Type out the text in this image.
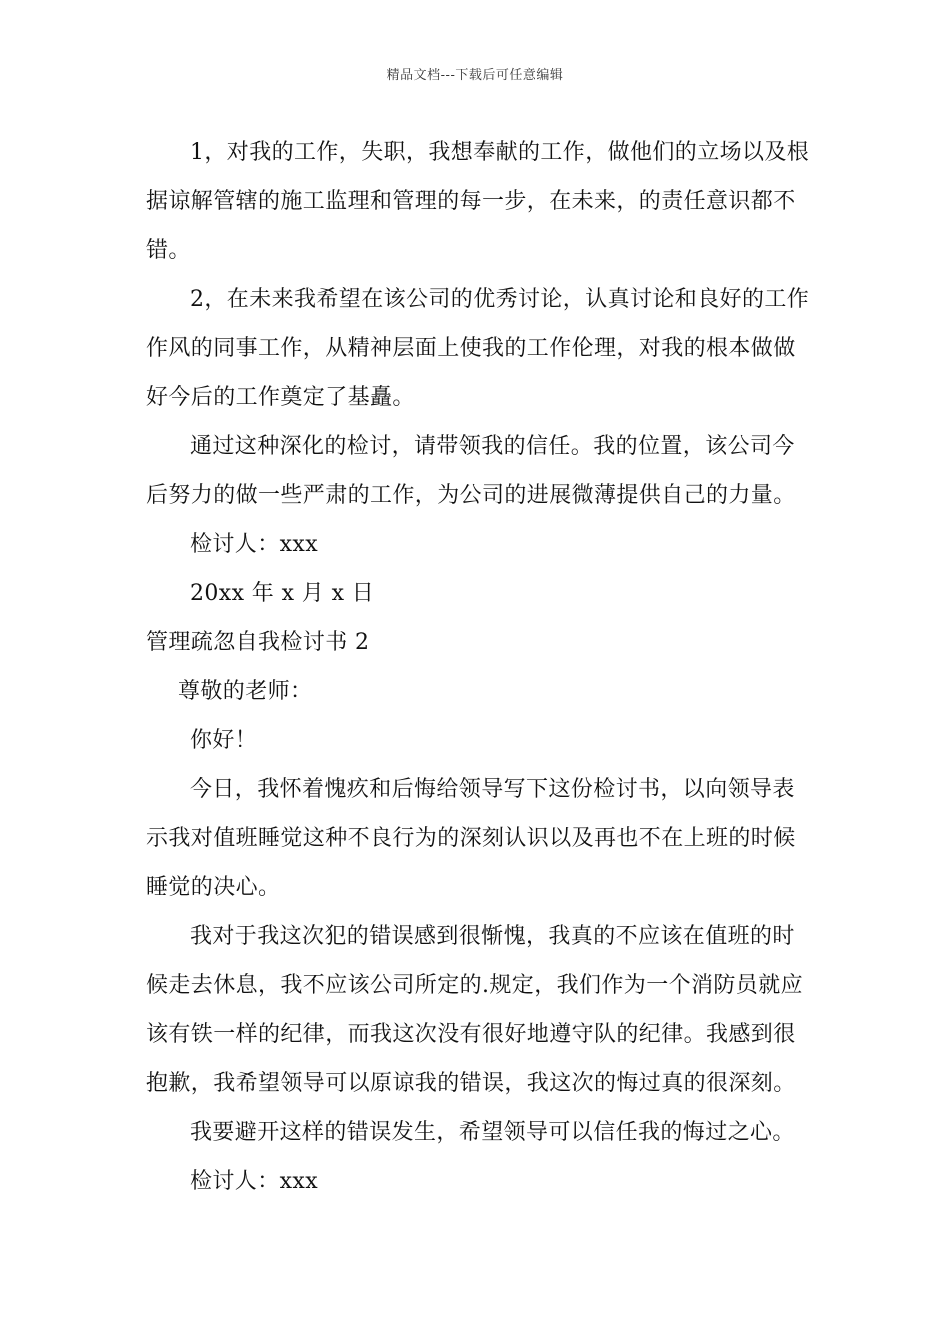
精品文档---下载后可任意编辑

1，对我的工作，失职，我想奉献的工作，做他们的立场以及根据谅解管辖的施工监理和管理的每一步，在未来，的责任意识都不错。

2，在未来我希望在该公司的优秀讨论，认真讨论和良好的工作作风的同事工作，从精神层面上使我的工作伦理，对我的根本做做好今后的工作奠定了基矗。

通过这种深化的检讨，请带领我的信任。我的位置，该公司今后努力的做一些严肃的工作，为公司的进展微薄提供自己的力量。

检讨人：xxx

20xx 年 x 月 x 日

管理疏忽自我检讨书 2

尊敬的老师：

你好！

今日，我怀着愧疚和后悔给领导写下这份检讨书，以向领导表示我对值班睡觉这种不良行为的深刻认识以及再也不在上班的时候睡觉的决心。

我对于我这次犯的错误感到很惭愧，我真的不应该在值班的时候走去休息，我不应该公司所定的.规定，我们作为一个消防员就应该有铁一样的纪律，而我这次没有很好地遵守队的纪律。我感到很抱歉，我希望领导可以原谅我的错误，我这次的悔过真的很深刻。

我要避开这样的错误发生，希望领导可以信任我的悔过之心。

检讨人：xxx
